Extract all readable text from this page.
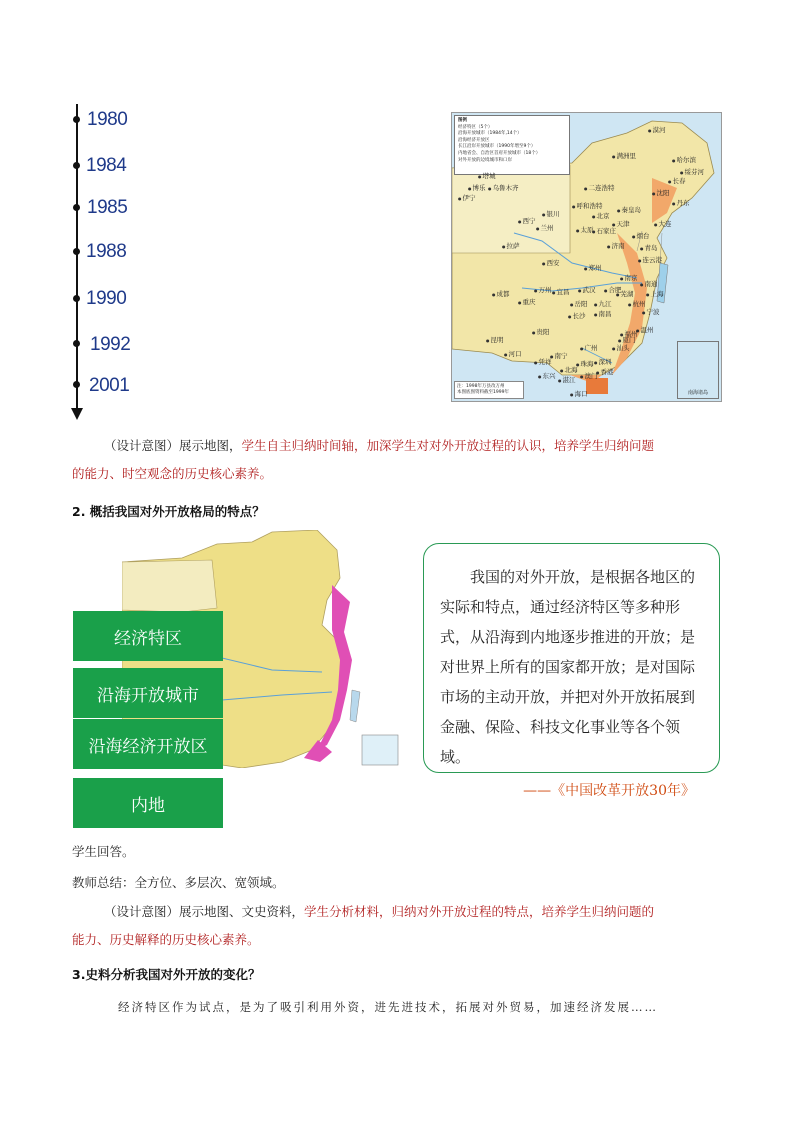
1980
1984
1985
1988
1990
1992
2001
图例
经济特区（5个）
沿海开放城市（1984年,14个）
沿海经济开放区
长江沿岸开放城市（1990年增至9个）
内地省会、自治区首府开放城市（18个）
对外开放的边境城市和口岸
● 漠河
● 哈尔滨
● 绥芬河
● 满洲里
● 二连浩特
● 长春
● 沈阳
● 丹东
● 大连
● 呼和浩特
● 北京
● 天津
● 秦皇岛
● 石家庄
● 太原
● 烟台
● 青岛
● 济南
● 银川
● 兰州
● 西宁
● 乌鲁木齐
● 伊宁
● 塔城
● 博乐
● 拉萨
● 西安
● 郑州
● 连云港
● 南京
● 南通
● 合肥	● 上海
● 武汉
● 杭州
● 宁波
● 成都
● 重庆
● 万州 ● 宜昌
● 岳阳	● 九江
● 芜湖
● 长沙	● 南昌
● 温州
● 福州
● 贵阳
● 昆明
● 河口
● 凭祥
● 南宁
● 北海
● 广州
● 深圳
● 珠海
● 汕头
● 厦门
● 湛江
● 海口
● 香港
● 澳门
● 东兴
注：1998年万县改万州
本图底图资料截至1999年	南海诸岛
（设计意图）展示地图，学生自主归纳时间轴，加深学生对对外开放过程的认识，培养学生归纳问题
的能力、时空观念的历史核心素养。
2. 概括我国对外开放格局的特点？
经济特区
沿海开放城市
沿海经济开放区
内地
我国的对外开放，是根据各地区的实际和特点，通过经济特区等多种形式，从沿海到内地逐步推进的开放；是对世界上所有的国家都开放；是对国际市场的主动开放，并把对外开放拓展到金融、保险、科技文化事业等各个领域。
——《中国改革开放30年》
学生回答。
教师总结：全方位、多层次、宽领域。
（设计意图）展示地图、文史资料，学生分析材料，归纳对外开放过程的特点，培养学生归纳问题的
能力、历史解释的历史核心素养。
3.史料分析我国对外开放的变化？
经济特区作为试点，是为了吸引利用外资，进先进技术，拓展对外贸易，加速经济发展……
